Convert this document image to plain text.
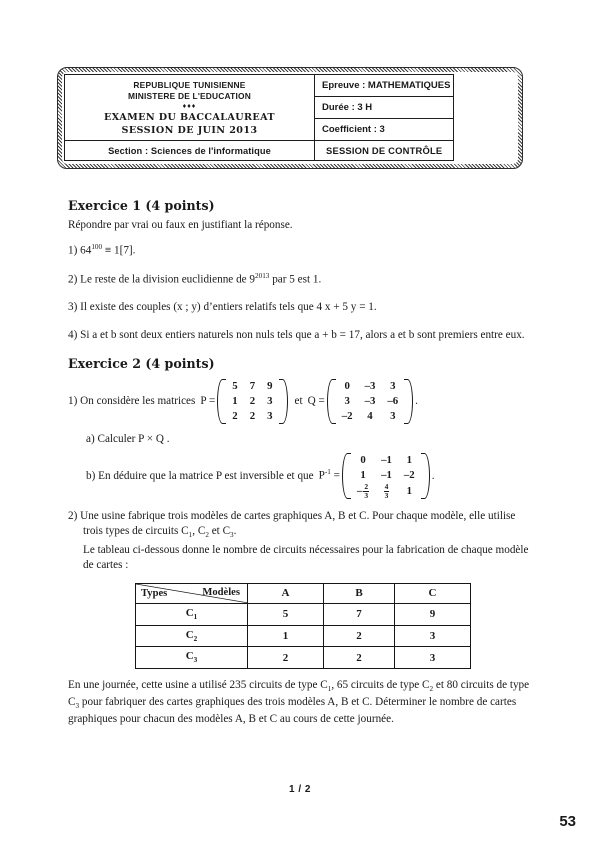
REPUBLIQUE TUNISIENNE
MINISTERE DE L'EDUCATION
♦♦♦
EXAMEN DU BACCALAUREAT
SESSION DE JUIN 2013	Epreuve : MATHEMATIQUES
	Durée : 3 H
	Coefficient : 3
Section : Sciences de l'informatique	SESSION DE CONTRÔLE
Exercice 1 (4 points)
Répondre par vrai ou faux en justifiant la réponse.
1) $64^{100} \equiv 1[7]$.
2) Le reste de la division euclidienne de $9^{2013}$ par 5 est 1.
3) Il existe des couples (x ; y) d’entiers relatifs tels que 4 x + 5 y = 1.
4) Si a et b sont deux entiers naturels non nuls tels que a + b = 17, alors a et b sont premiers entre eux.
Exercice 2 (4 points)
1) On considère les matrices P =
5	7	9
1	2	3
2	2	3
et Q =
0	–3	3
3	–3	–6
–2	4	3
.
a) Calculer P × Q .
b) En déduire que la matrice P est inversible et que $P^{-1}$ =
0	–1	1
1	–1	–2

– $\frac{2}{3}$	$\frac{4}{3}$	1
.
2) Une usine fabrique trois modèles de cartes graphiques A, B et C. Pour chaque modèle, elle utilise trois types de circuits $C_1$, $C_2$ et $C_3$.
Le tableau ci-dessous donne le nombre de circuits nécessaires pour la fabrication de chaque modèle de cartes :
Modèles
Types	A	B	C
$C_1$	5	7	9
$C_2$	1	2	3
$C_3$	2	2	3
En une journée, cette usine a utilisé 235 circuits de type $C_1$, 65 circuits de type $C_2$ et 80 circuits de type $C_3$ pour fabriquer des cartes graphiques des trois modèles A, B et C. Déterminer le nombre de cartes graphiques pour chacun des modèles A, B et C au cours de cette journée.
1 / 2
53
